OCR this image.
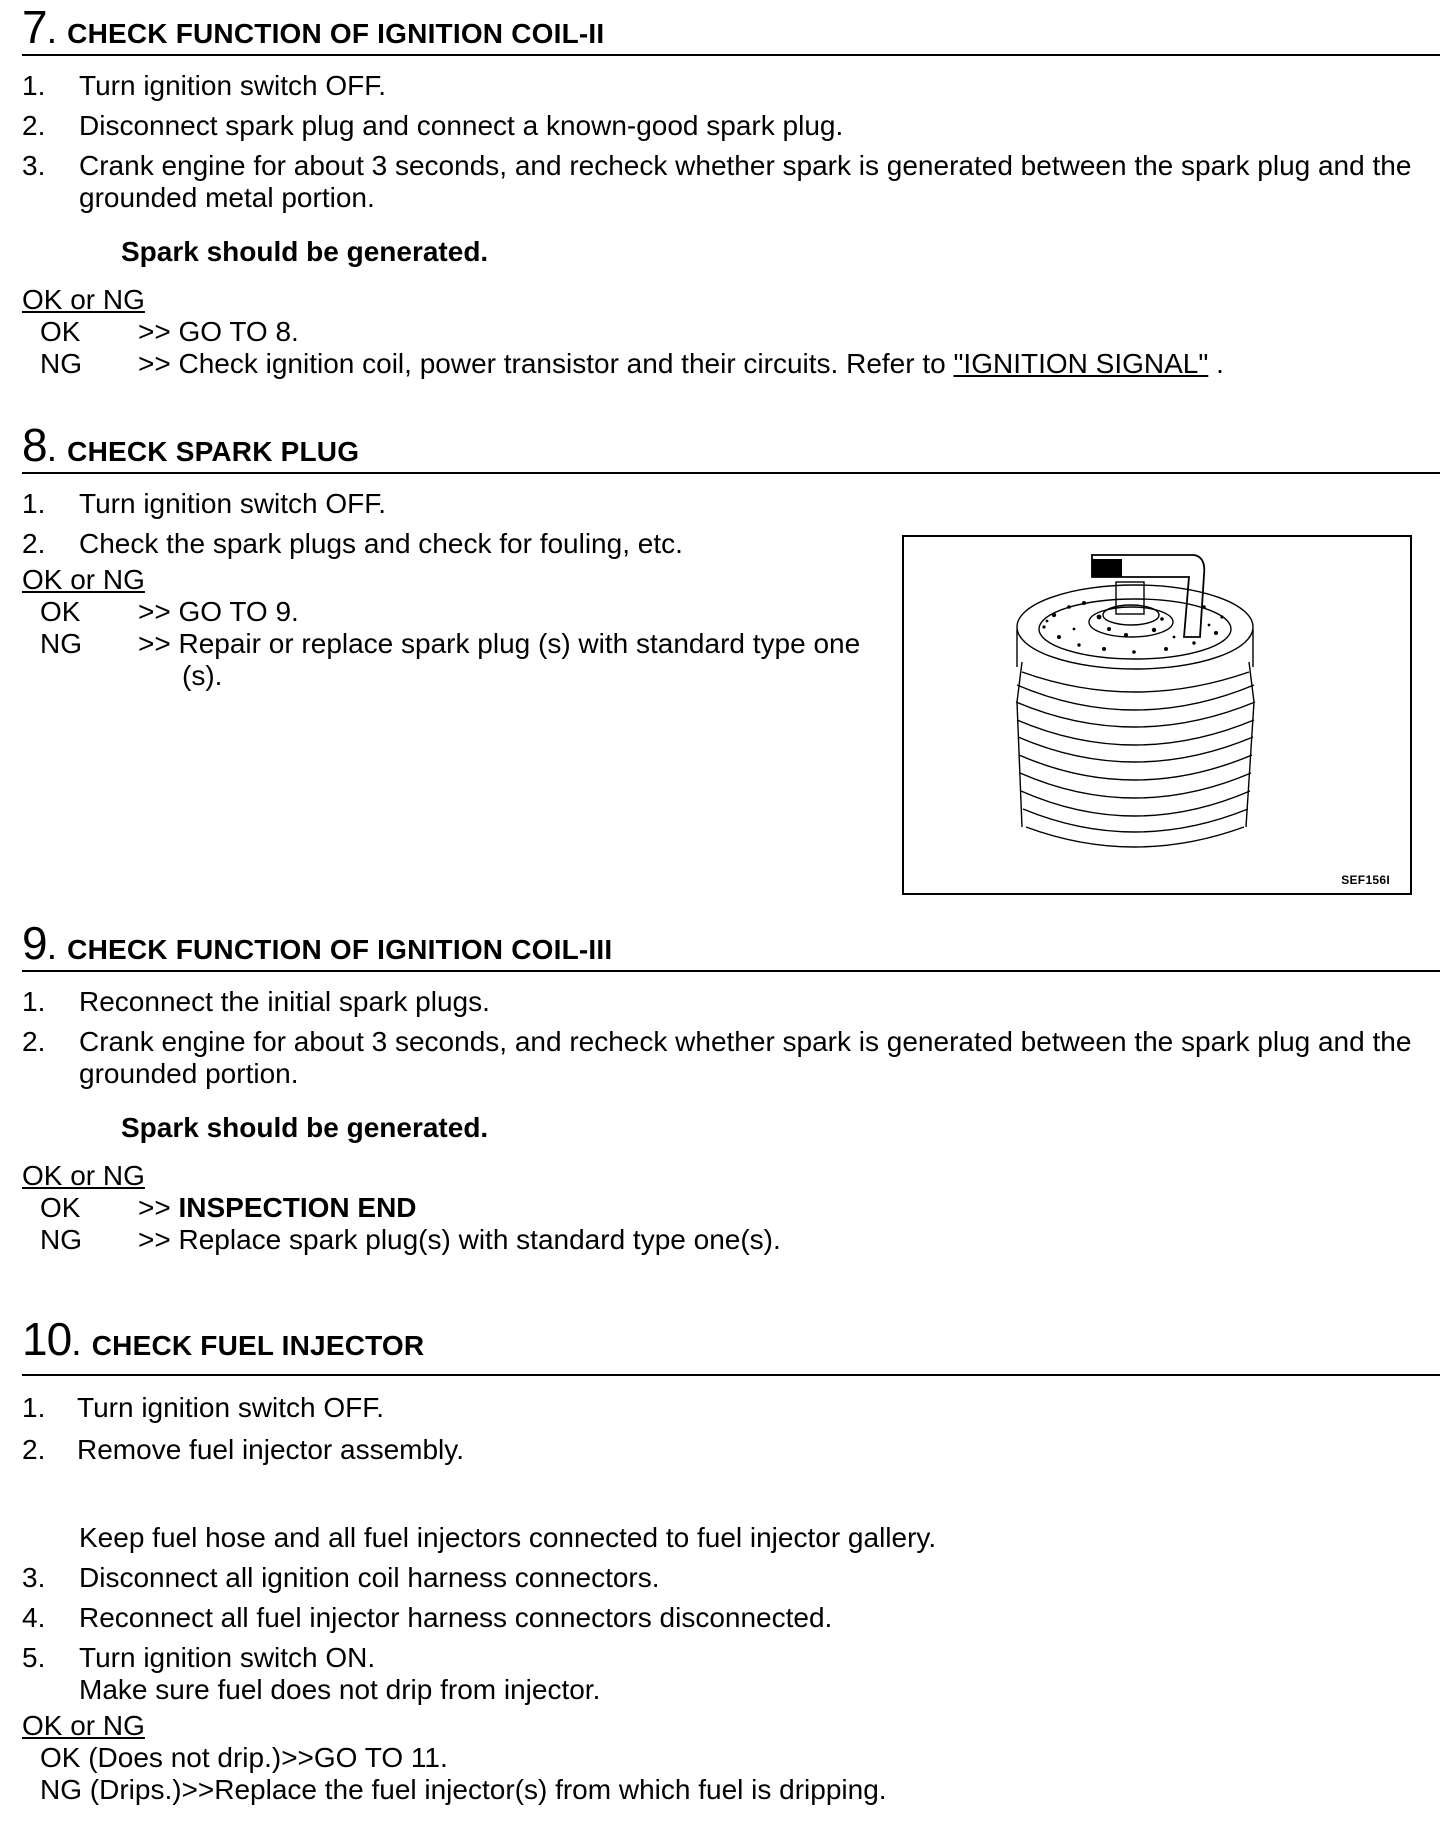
7 . CHECK FUNCTION OF IGNITION COIL-II
1.	Turn ignition switch OFF.
2.	Disconnect spark plug and connect a known-good spark plug.
3.	Crank engine for about 3 seconds, and recheck whether spark is generated between the spark plug and the grounded metal portion.
Spark should be generated.
OK or NG
OK	>> GO TO 8.
NG	>> Check ignition coil, power transistor and their circuits. Refer to "IGNITION SIGNAL" .
8 . CHECK SPARK PLUG
1.	Turn ignition switch OFF.
2.	Check the spark plugs and check for fouling, etc.
OK or NG
OK	>> GO TO 9.
NG	>> Repair or replace spark plug (s) with standard type one (s).
9 . CHECK FUNCTION OF IGNITION COIL-III
1.	Reconnect the initial spark plugs.
2.	Crank engine for about 3 seconds, and recheck whether spark is generated between the spark plug and the grounded portion.
Spark should be generated.
OK or NG
OK	>> INSPECTION END
NG	>> Replace spark plug(s) with standard type one(s).
10 . CHECK FUEL INJECTOR
1.	Turn ignition switch OFF.
2.	Remove fuel injector assembly.
Keep fuel hose and all fuel injectors connected to fuel injector gallery.
3.	Disconnect all ignition coil harness connectors.
4.	Reconnect all fuel injector harness connectors disconnected.
5.	Turn ignition switch ON.
Make sure fuel does not drip from injector.
OK or NG
OK (Does not drip.)>>GO TO 11.
NG (Drips.)>>Replace the fuel injector(s) from which fuel is dripping.
SEF156I
